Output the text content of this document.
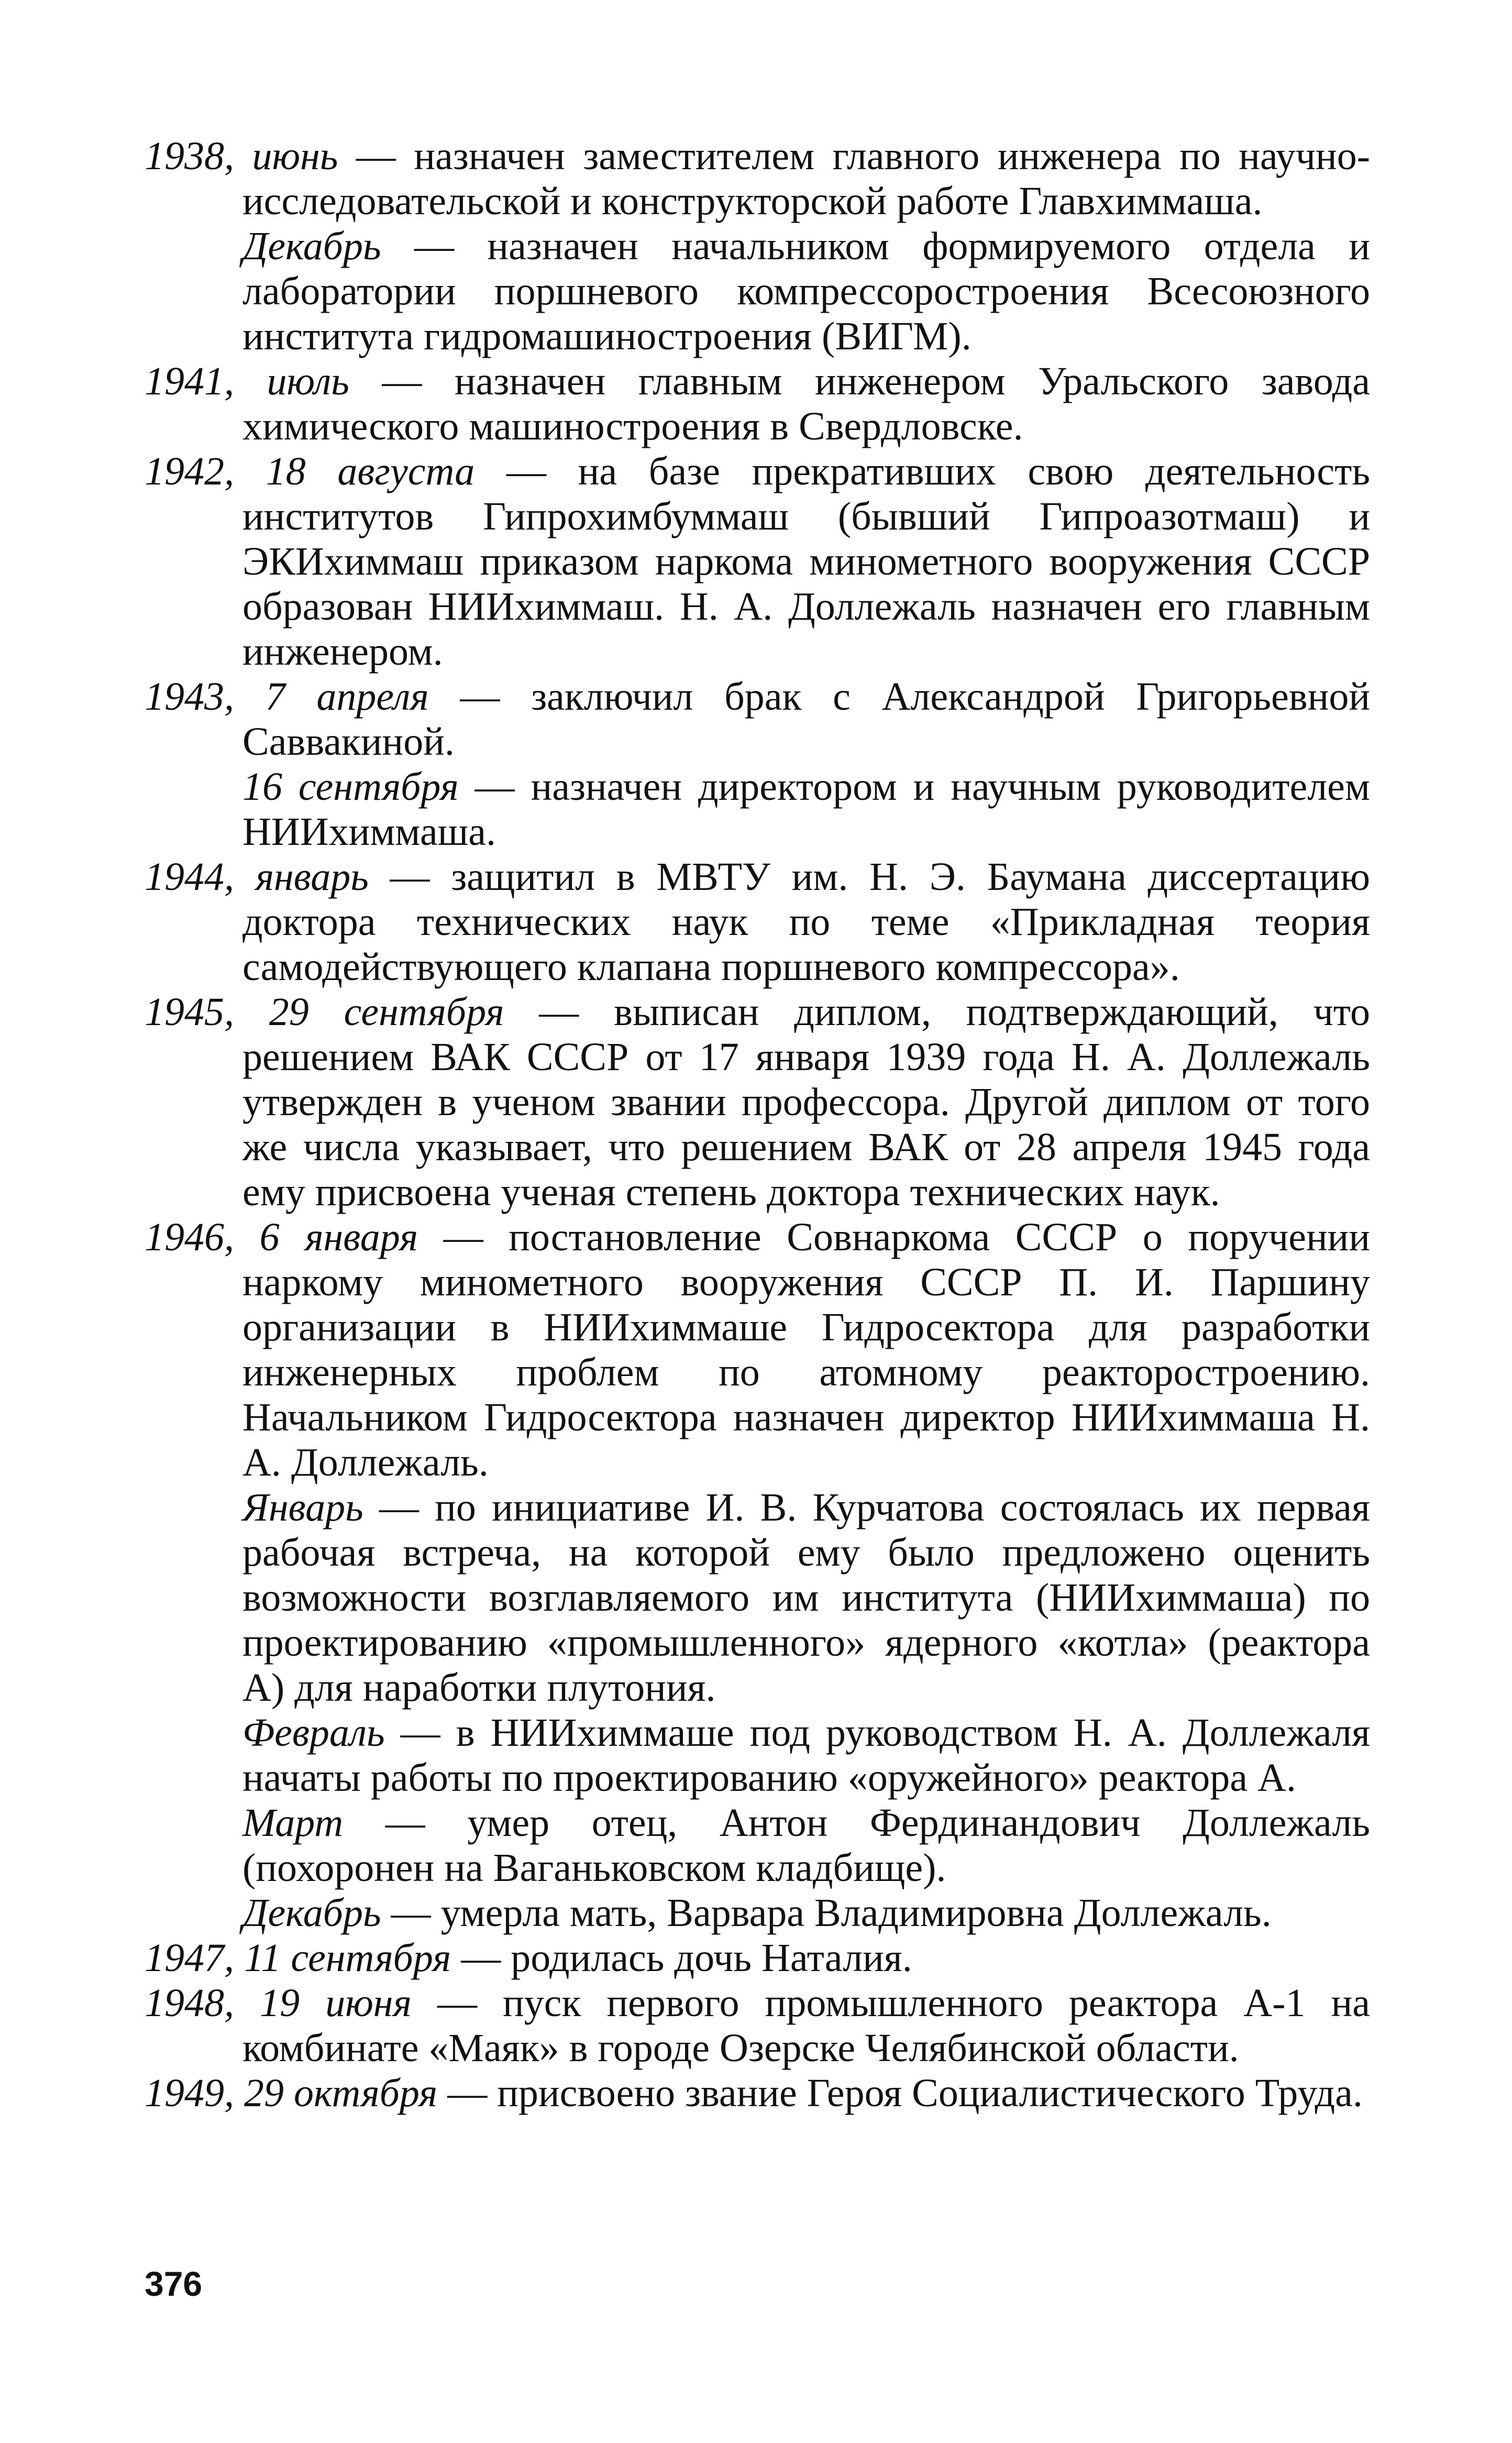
1938, июнь — назначен заместителем главного инженера по научно-исследовательской и конструкторской работе Главхиммаша.

Декабрь — назначен начальником формируемого отдела и лаборатории поршневого компрессоростроения Всесоюзного института гидромашиностроения (ВИГМ).

1941, июль — назначен главным инженером Уральского завода химического машиностроения в Свердловске.

1942, 18 августа — на базе прекративших свою деятельность институтов Гипрохимбуммаш (бывший Гипроазотмаш) и ЭКИхиммаш приказом наркома минометного вооружения СССР образован НИИхиммаш. Н. А. Доллежаль назначен его главным инженером.

1943, 7 апреля — заключил брак с Александрой Григорьевной Саввакиной.

16 сентября — назначен директором и научным руководителем НИИхиммаша.

1944, январь — защитил в МВТУ им. Н. Э. Баумана диссертацию доктора технических наук по теме «Прикладная теория самодействующего клапана поршневого компрессора».

1945, 29 сентября — выписан диплом, подтверждающий, что решением ВАК СССР от 17 января 1939 года Н. А. Доллежаль утвержден в ученом звании профессора. Другой диплом от того же числа указывает, что решением ВАК от 28 апреля 1945 года ему присвоена ученая степень доктора технических наук.

1946, 6 января — постановление Совнаркома СССР о поручении наркому минометного вооружения СССР П. И. Паршину организации в НИИхиммаше Гидросектора для разработки инженерных проблем по атомному реакторостроению. Начальником Гидросектора назначен директор НИИхиммаша Н. А. Доллежаль.

Январь — по инициативе И. В. Курчатова состоялась их первая рабочая встреча, на которой ему было предложено оценить возможности возглавляемого им института (НИИхиммаша) по проектированию «промышленного» ядерного «котла» (реактора А) для наработки плутония.

Февраль — в НИИхиммаше под руководством Н. А. Доллежаля начаты работы по проектированию «оружейного» реактора А.

Март — умер отец, Антон Фердинандович Доллежаль (похоронен на Ваганьковском кладбище).

Декабрь — умерла мать, Варвара Владимировна Доллежаль.

1947, 11 сентября — родилась дочь Наталия.

1948, 19 июня — пуск первого промышленного реактора А-1 на комбинате «Маяк» в городе Озерске Челябинской области.

1949, 29 октября — присвоено звание Героя Социалистического Труда.

376
